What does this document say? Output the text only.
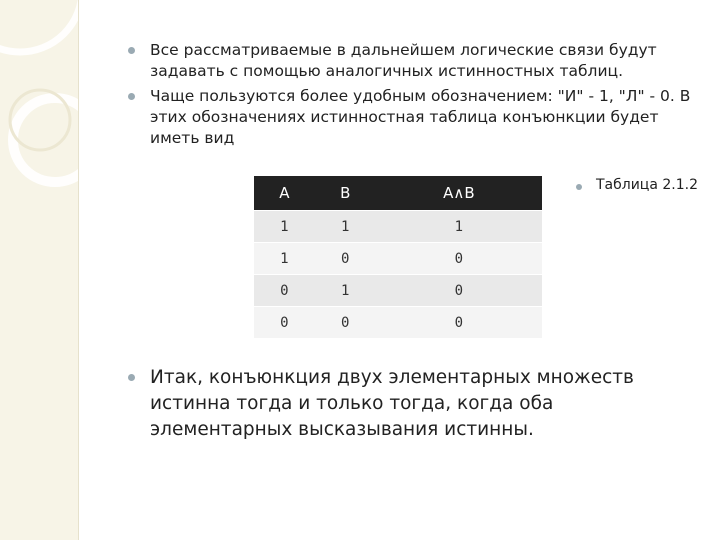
Все рассматриваемые в дальнейшем логические связи будут задавать с помощью аналогичных истинностных таблиц.
Чаще пользуются более удобным обозначением: "И" - 1, "Л" - 0. В этих обозначениях истинностная таблица конъюнкции будет иметь вид
A	B	A∧B
1	1	1
1	0	0
0	1	0
0	0	0
Таблица 2.1.2
Итак, конъюнкция двух элементарных множеств истинна тогда и только тогда, когда оба элементарных высказывания истинны.
